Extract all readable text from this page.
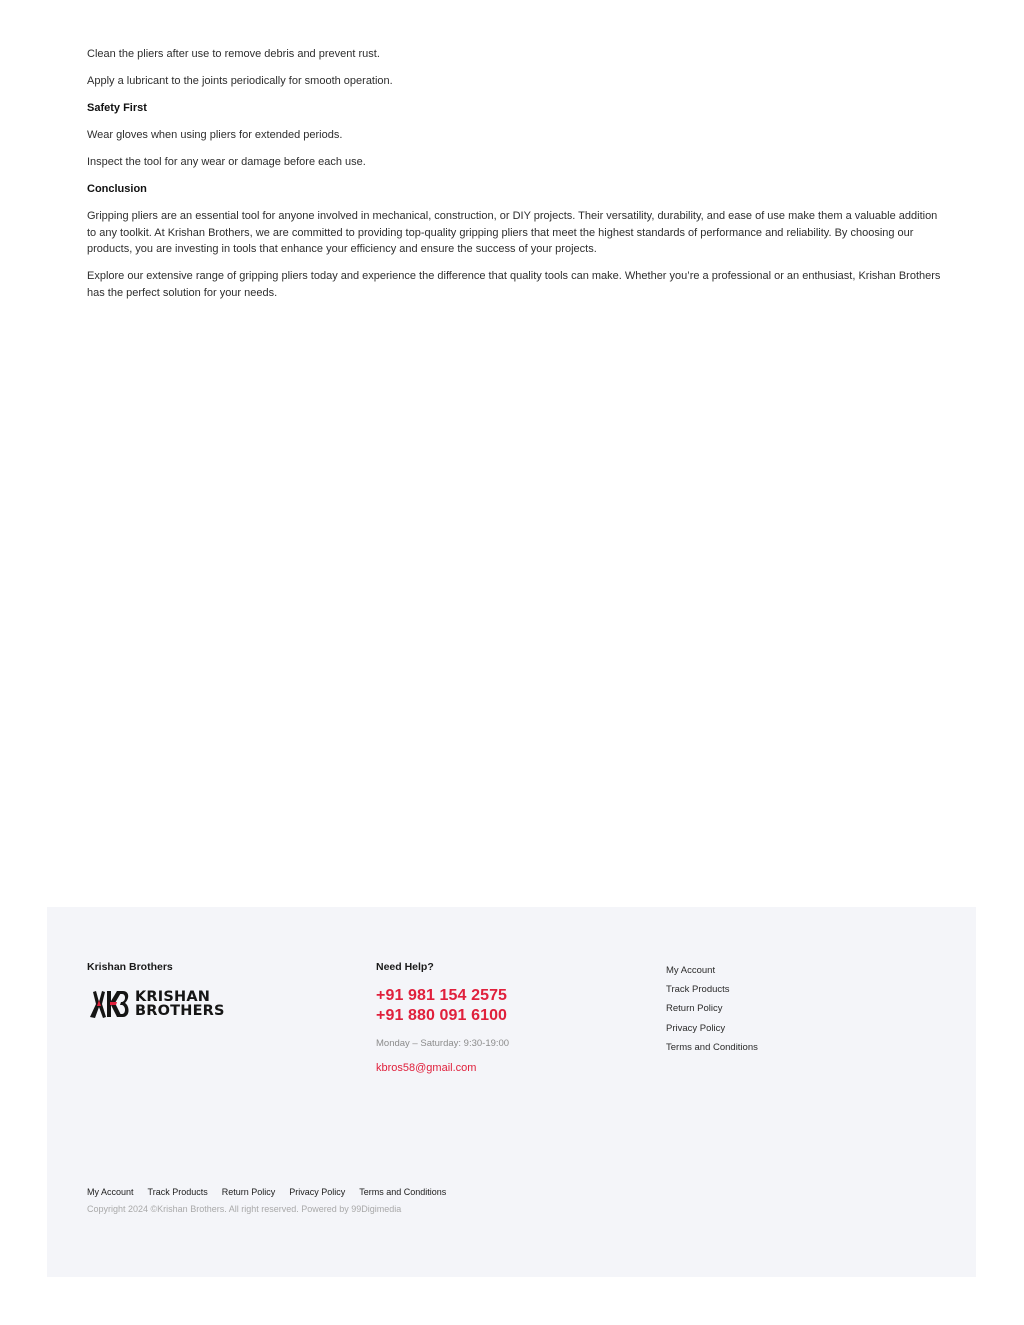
Clean the pliers after use to remove debris and prevent rust.

Apply a lubricant to the joints periodically for smooth operation.

Safety First

Wear gloves when using pliers for extended periods.

Inspect the tool for any wear or damage before each use.

Conclusion

Gripping pliers are an essential tool for anyone involved in mechanical, construction, or DIY projects. Their versatility, durability, and ease of use make them a valuable addition to any toolkit. At Krishan Brothers, we are committed to providing top-quality gripping pliers that meet the highest standards of performance and reliability. By choosing our products, you are investing in tools that enhance your efficiency and ensure the success of your projects.

Explore our extensive range of gripping pliers today and experience the difference that quality tools can make. Whether you’re a professional or an enthusiast, Krishan Brothers has the perfect solution for your needs.

Krishan Brothers
KRISHAN
BROTHERS
Need Help?
+91 981 154 2575
+91 880 091 6100
Monday – Saturday: 9:30-19:00
kbros58@gmail.com
My Account
Track Products
Return Policy
Privacy Policy
Terms and Conditions
My Account Track Products Return Policy Privacy Policy Terms and Conditions
Copyright 2024 ©Krishan Brothers. All right reserved. Powered by 99Digimedia
